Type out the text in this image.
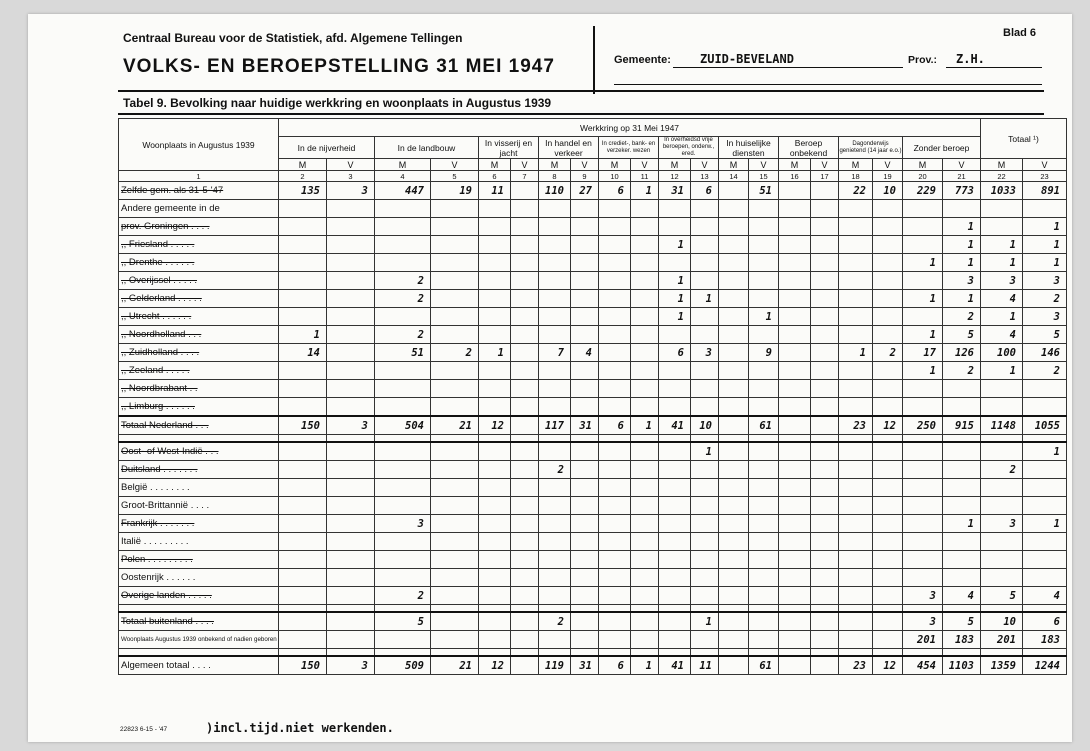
Centraal Bureau voor de Statistiek, afd. Algemene Tellingen
VOLKS- EN BEROEPSTELLING 31 MEI 1947
Blad 6
Gemeente: ZUID-BEVELAND	Prov.: Z.H.
Tabel 9. Bevolking naar huidige werkkring en woonplaats in Augustus 1939
Woonplaats in Augustus 1939	Werkkring op 31 Mei 1947																				Totaal ¹)	
	In de nijverheid		In de landbouw		In visserij en jacht		In handel en verkeer		In crediet-, bank- en verzeker. wezen		In overheidsd vrije beroepen, onderw., ered.		In huiselijke diensten		Beroep onbekend		Dagonderwijs genietend (14 jaar e.o.)		Zonder beroep			
	M	V	M	V	M	V	M	V	M	V	M	V	M	V	M	V	M	V	M	V	M	V
1	2	3	4	5	6	7	8	9	10	11	12	13	14	15	16	17	18	19	20	21	22	23
Zelfde gem. als 31-5-'47	135	3	447	19	11		110	27	6	1	31	6		51			22	10	229	773	1033	891
Andere gemeente in de																						
prov. Groningen . . . .																				1		1
,, Friesland . . . . .											1									1	1	1
,, Drenthe . . . . . .																			1	1	1	1
,, Overijssel . . . . .			2								1									3	3	3
,, Gelderland . . . . .			2								1	1							1	1	4	2
,, Utrecht . . . . . .											1			1						2	1	3
,, Noordholland . . .	1		2																1	5	4	5
,, Zuidholland . . . .	14		51	2	1		7	4			6	3		9			1	2	17	126	100	146
,, Zeeland . . . . .																			1	2	1	2
,, Noordbrabant . .																						
,, Limburg . . . . . .																						
Totaal Nederland . . .	150	3	504	21	12		117	31	6	1	41	10		61			23	12	250	915	1148	1055

Oost- of West-Indië . . .												1										1
Duitsland . . . . . . .							2														2	
België . . . . . . . .																						
Groot-Brittannië . . . .																						
Frankrijk . . . . . . .			3																	1	3	1
Italië . . . . . . . . .																						
Polen . . . . . . . . .																						
Oostenrijk . . . . . .																						
Overige landen . . . . .			2																3	4	5	4

Totaal buitenland . . . .			5				2					1							3	5	10	6
Woonplaats Augustus 1939 onbekend of nadien geboren																			201	183	201	183

Algemeen totaal . . . .	150	3	509	21	12		119	31	6	1	41	11		61			23	12	454	1103	1359	1244
22823 6-15 - '47	)incl.tijd.niet werkenden.
